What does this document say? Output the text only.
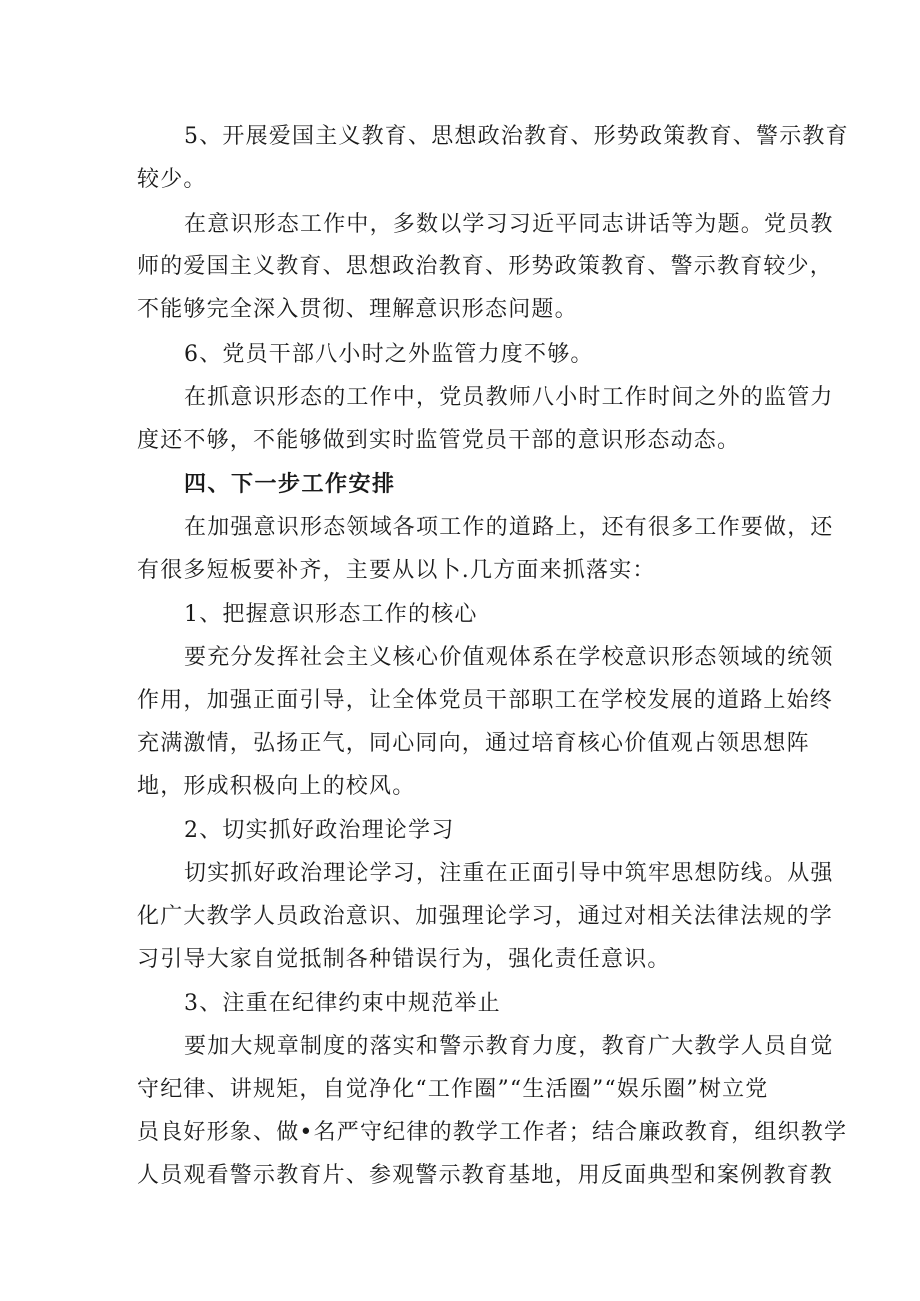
5、开展爱国主义教育、思想政治教育、形势政策教育、警示教育
较少。
在意识形态工作中，多数以学习习近平同志讲话等为题。党员教
师的爱国主义教育、思想政治教育、形势政策教育、警示教育较少，
不能够完全深入贯彻、理解意识形态问题。
6、党员干部八小时之外监管力度不够。
在抓意识形态的工作中，党员教师八小时工作时间之外的监管力
度还不够，不能够做到实时监管党员干部的意识形态动态。
四、下一步工作安排
在加强意识形态领域各项工作的道路上，还有很多工作要做，还
有很多短板要补齐，主要从以卜.几方面来抓落实：
1、把握意识形态工作的核心
要充分发挥社会主义核心价值观体系在学校意识形态领域的统领
作用，加强正面引导，让全体党员干部职工在学校发展的道路上始终
充满激情，弘扬正气，同心同向，通过培育核心价值观占领思想阵
地，形成积极向上的校风。
2、切实抓好政治理论学习
切实抓好政治理论学习，注重在正面引导中筑牢思想防线。从强
化广大教学人员政治意识、加强理论学习，通过对相关法律法规的学
习引导大家自觉抵制各种错误行为，强化责任意识。
3、注重在纪律约束中规范举止
要加大规章制度的落实和警示教育力度，教育广大教学人员自觉
守纪律、讲规矩，自觉净化“工作圈”“生活圈”“娱乐圈”树立党
员良好形象、做•名严守纪律的教学工作者；结合廉政教育，组织教学
人员观看警示教育片、参观警示教育基地，用反面典型和案例教育教
